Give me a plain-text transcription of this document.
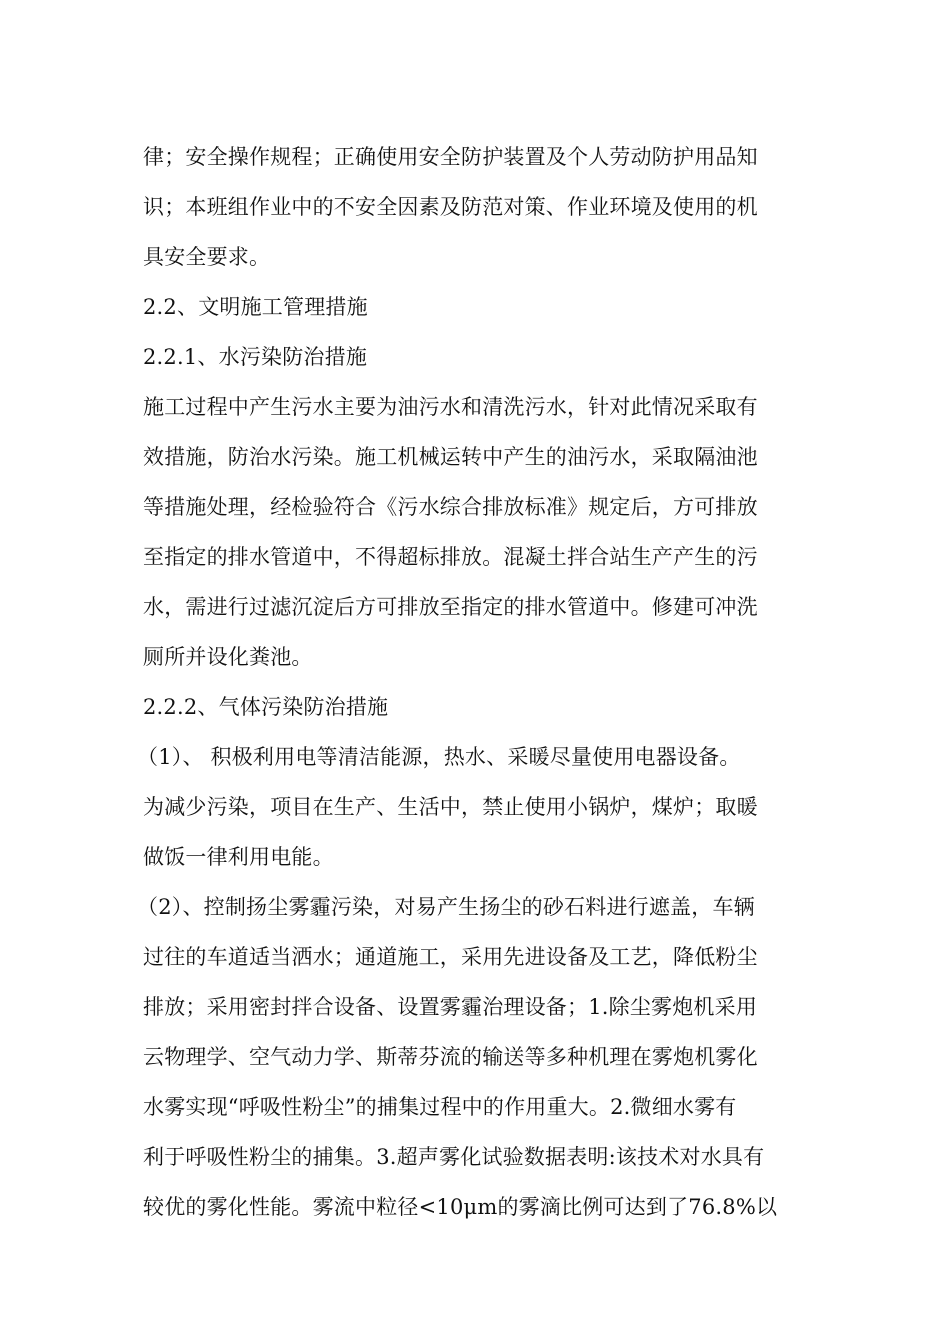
律；安全操作规程；正确使用安全防护装置及个人劳动防护用品知
识；本班组作业中的不安全因素及防范对策、作业环境及使用的机
具安全要求。
2.2、文明施工管理措施
2.2.1、水污染防治措施
施工过程中产生污水主要为油污水和清洗污水，针对此情况采取有
效措施，防治水污染。施工机械运转中产生的油污水，采取隔油池
等措施处理，经检验符合《污水综合排放标准》规定后，方可排放
至指定的排水管道中，不得超标排放。混凝土拌合站生产产生的污
水，需进行过滤沉淀后方可排放至指定的排水管道中。修建可冲洗
厕所并设化粪池。
2.2.2、气体污染防治措施
（1）、 积极利用电等清洁能源，热水、采暖尽量使用电器设备。
为减少污染，项目在生产、生活中，禁止使用小锅炉，煤炉；取暖
做饭一律利用电能。
（2）、控制扬尘雾霾污染，对易产生扬尘的砂石料进行遮盖，车辆
过往的车道适当洒水；通道施工，采用先进设备及工艺，降低粉尘
排放；采用密封拌合设备、设置雾霾治理设备；1.除尘雾炮机采用
云物理学、空气动力学、斯蒂芬流的输送等多种机理在雾炮机雾化
水雾实现“呼吸性粉尘”的捕集过程中的作用重大。2.微细水雾有
利于呼吸性粉尘的捕集。3.超声雾化试验数据表明:该技术对水具有
较优的雾化性能。雾流中粒径<10μm的雾滴比例可达到了76.8%以
